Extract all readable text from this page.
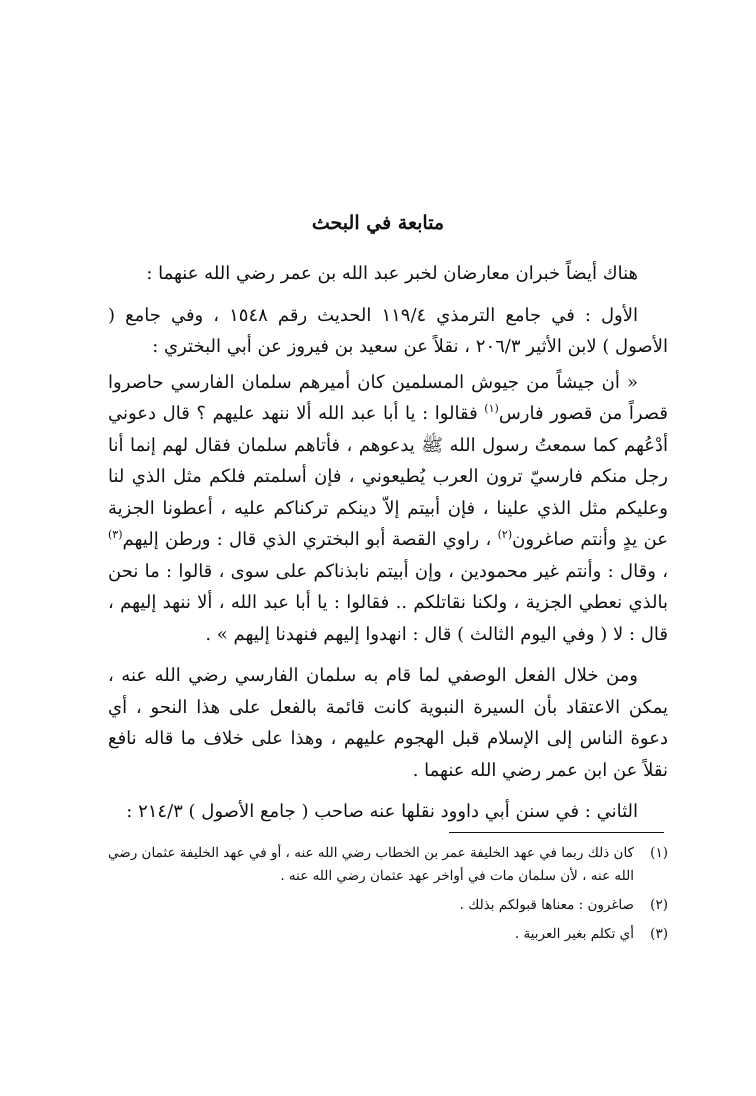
متابعة في البحث

هناك أيضاً خبران معارضان لخبر عبد الله بن عمر رضي الله عنهما :

الأول : في جامع الترمذي ١١٩/٤ الحديث رقم ١٥٤٨ ، وفي جامع ( الأصول ) لابن الأثير ٢٠٦/٣ ، نقلاً عن سعيد بن فيروز عن أبي البختري :

« أن جيشاً من جيوش المسلمين كان أميرهم سلمان الفارسي حاصروا قصراً من قصور فارس$^{(١)}$ فقالوا : يا أبا عبد الله ألا ننهد عليهم ؟ قال دعوني أدْعُهم كما سمعتُ رسول الله ﷺ يدعوهم ، فأتاهم سلمان فقال لهم إنما أنا رجل منكم فارسيّ ترون العرب يُطيعوني ، فإن أسلمتم فلكم مثل الذي لنا وعليكم مثل الذي علينا ، فإن أبيتم إلاّ دينكم تركناكم عليه ، أعطونا الجزية عن يدٍ وأنتم صاغرون$^{(٢)}$ ، راوي القصة أبو البختري الذي قال : ورطن إليهم$^{(٣)}$ ، وقال : وأنتم غير محمودين ، وإن أبيتم نابذناكم على سوى ، قالوا : ما نحن بالذي نعطي الجزية ، ولكنا نقاتلكم .. فقالوا : يا أبا عبد الله ، ألا ننهد إليهم ، قال : لا ( وفي اليوم الثالث ) قال : انهدوا إليهم فنهدنا إليهم » .

ومن خلال الفعل الوصفي لما قام به سلمان الفارسي رضي الله عنه ، يمكن الاعتقاد بأن السيرة النبوية كانت قائمة بالفعل على هذا النحو ، أي دعوة الناس إلى الإسلام قبل الهجوم عليهم ، وهذا على خلاف ما قاله نافع نقلاً عن ابن عمر رضي الله عنهما .

الثاني : في سنن أبي داوود نقلها عنه صاحب ( جامع الأصول ) ٢١٤/٣ :

(١)
كان ذلك ربما في عهد الخليفة عمر بن الخطاب رضي الله عنه ، أو في عهد الخليفة عثمان رضي الله عنه ، لأن سلمان مات في أواخر عهد عثمان رضي الله عنه .
(٢)
صاغرون : معناها قبولكم بذلك .
(٣)
أي تكلم بغير العربية .
